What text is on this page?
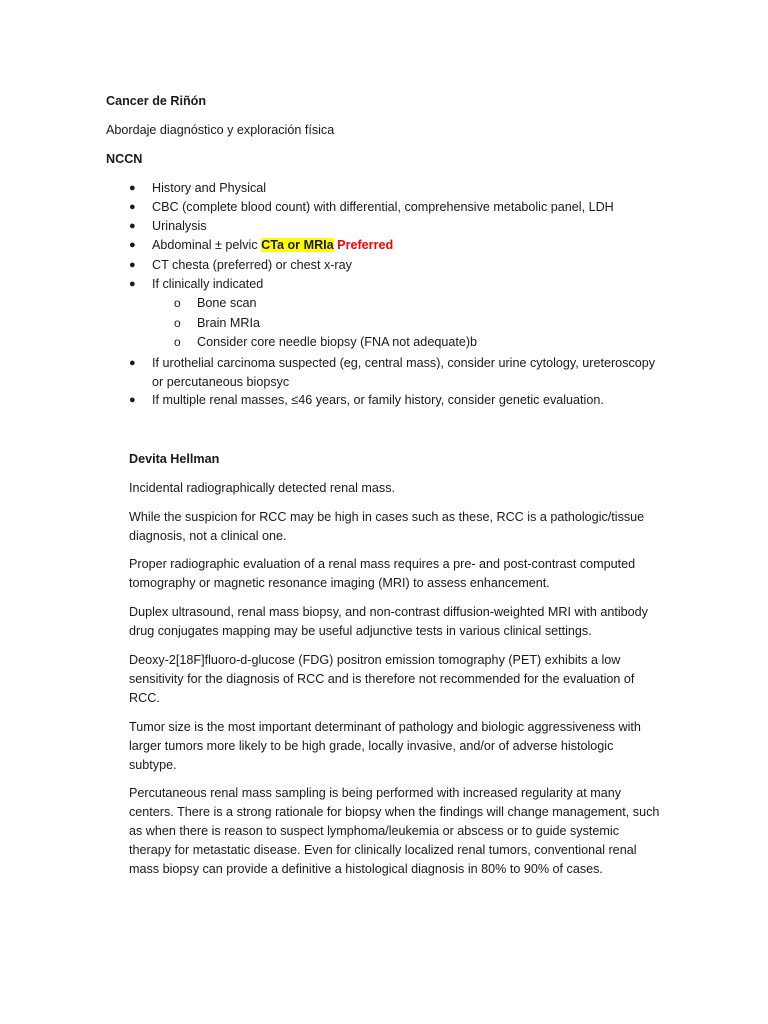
Cancer de Riñón
Abordaje diagnóstico y exploración física
NCCN
● History and Physical
● CBC (complete blood count) with differential, comprehensive metabolic panel, LDH
● Urinalysis
● Abdominal ± pelvic CTa or MRIa Preferred
● CT chesta (preferred) or chest x-ray
● If clinically indicated
o Bone scan
o Brain MRIa
o Consider core needle biopsy (FNA not adequate)b
● If urothelial carcinoma suspected (eg, central mass), consider urine cytology, ureteroscopy
or percutaneous biopsyc
● If multiple renal masses, ≤46 years, or family history, consider genetic evaluation.
Devita Hellman
Incidental radiographically detected renal mass.
While the suspicion for RCC may be high in cases such as these, RCC is a pathologic/tissue
diagnosis, not a clinical one.
Proper radiographic evaluation of a renal mass requires a pre- and post-contrast computed
tomography or magnetic resonance imaging (MRI) to assess enhancement.
Duplex ultrasound, renal mass biopsy, and non-contrast diffusion-weighted MRI with antibody
drug conjugates mapping may be useful adjunctive tests in various clinical settings.
Deoxy-2[18F]fluoro-d-glucose (FDG) positron emission tomography (PET) exhibits a low
sensitivity for the diagnosis of RCC and is therefore not recommended for the evaluation of
RCC.
Tumor size is the most important determinant of pathology and biologic aggressiveness with
larger tumors more likely to be high grade, locally invasive, and/or of adverse histologic
subtype.
Percutaneous renal mass sampling is being performed with increased regularity at many
centers. There is a strong rationale for biopsy when the findings will change management, such
as when there is reason to suspect lymphoma/leukemia or abscess or to guide systemic
therapy for metastatic disease. Even for clinically localized renal tumors, conventional renal
mass biopsy can provide a definitive a histological diagnosis in 80% to 90% of cases.
